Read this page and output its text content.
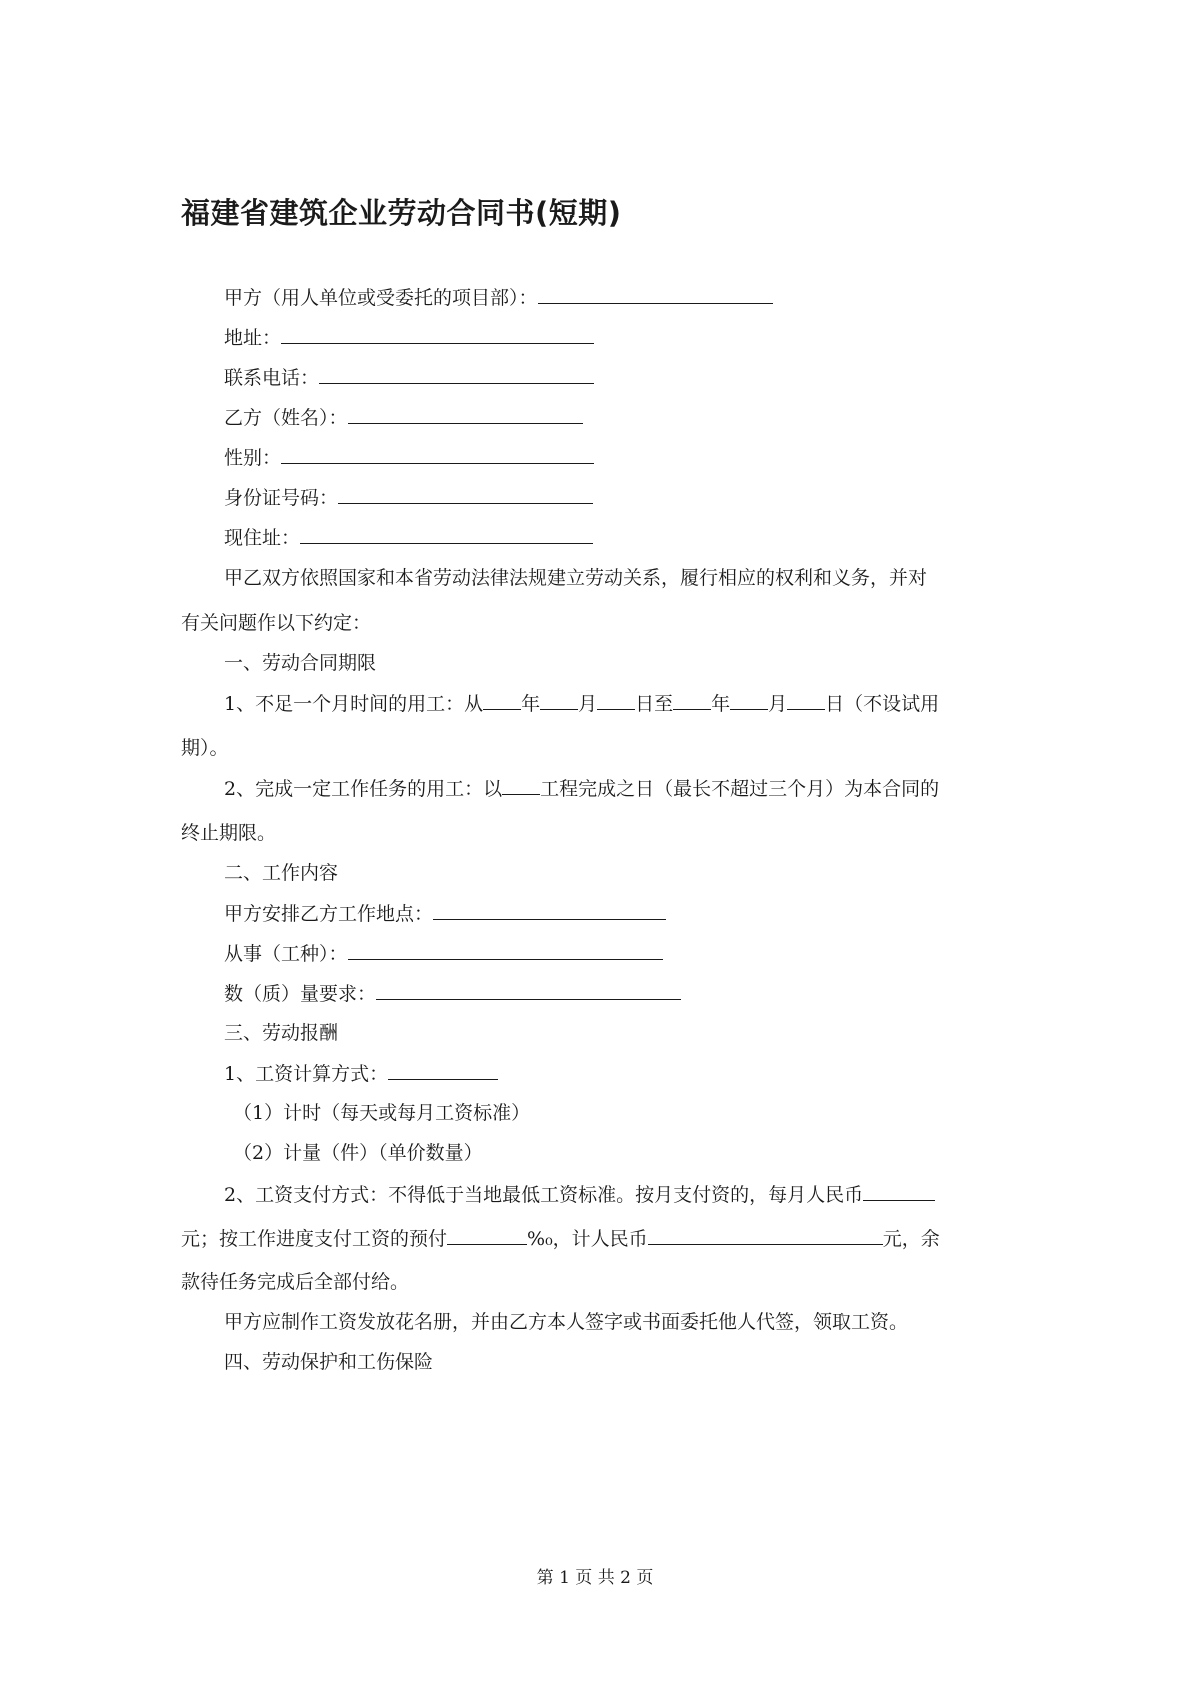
福建省建筑企业劳动合同书(短期)
甲方（用人单位或受委托的项目部）：
地址：
联系电话：
乙方（姓名）：
性别：
身份证号码：
现住址：
甲乙双方依照国家和本省劳动法律法规建立劳动关系，履行相应的权利和义务，并对
有关问题作以下约定：
一、劳动合同期限
1、不足一个月时间的用工：从 年 月 日至 年 月 日（不设试用
期）。
2、完成一定工作任务的用工：以 工程完成之日（最长不超过三个月）为本合同的
终止期限。
二、工作内容
甲方安排乙方工作地点：
从事（工种）：
数（质）量要求：
三、劳动报酬
1、工资计算方式：
（1）计时（每天或每月工资标准）
（2）计量（件）（单价数量）
2、工资支付方式：不得低于当地最低工资标准。按月支付资的，每月人民币
元；按工作进度支付工资的预付	%₀，计人民币	元，余
款待任务完成后全部付给。
甲方应制作工资发放花名册，并由乙方本人签字或书面委托他人代签，领取工资。
四、劳动保护和工伤保险
第 1 页 共 2 页
